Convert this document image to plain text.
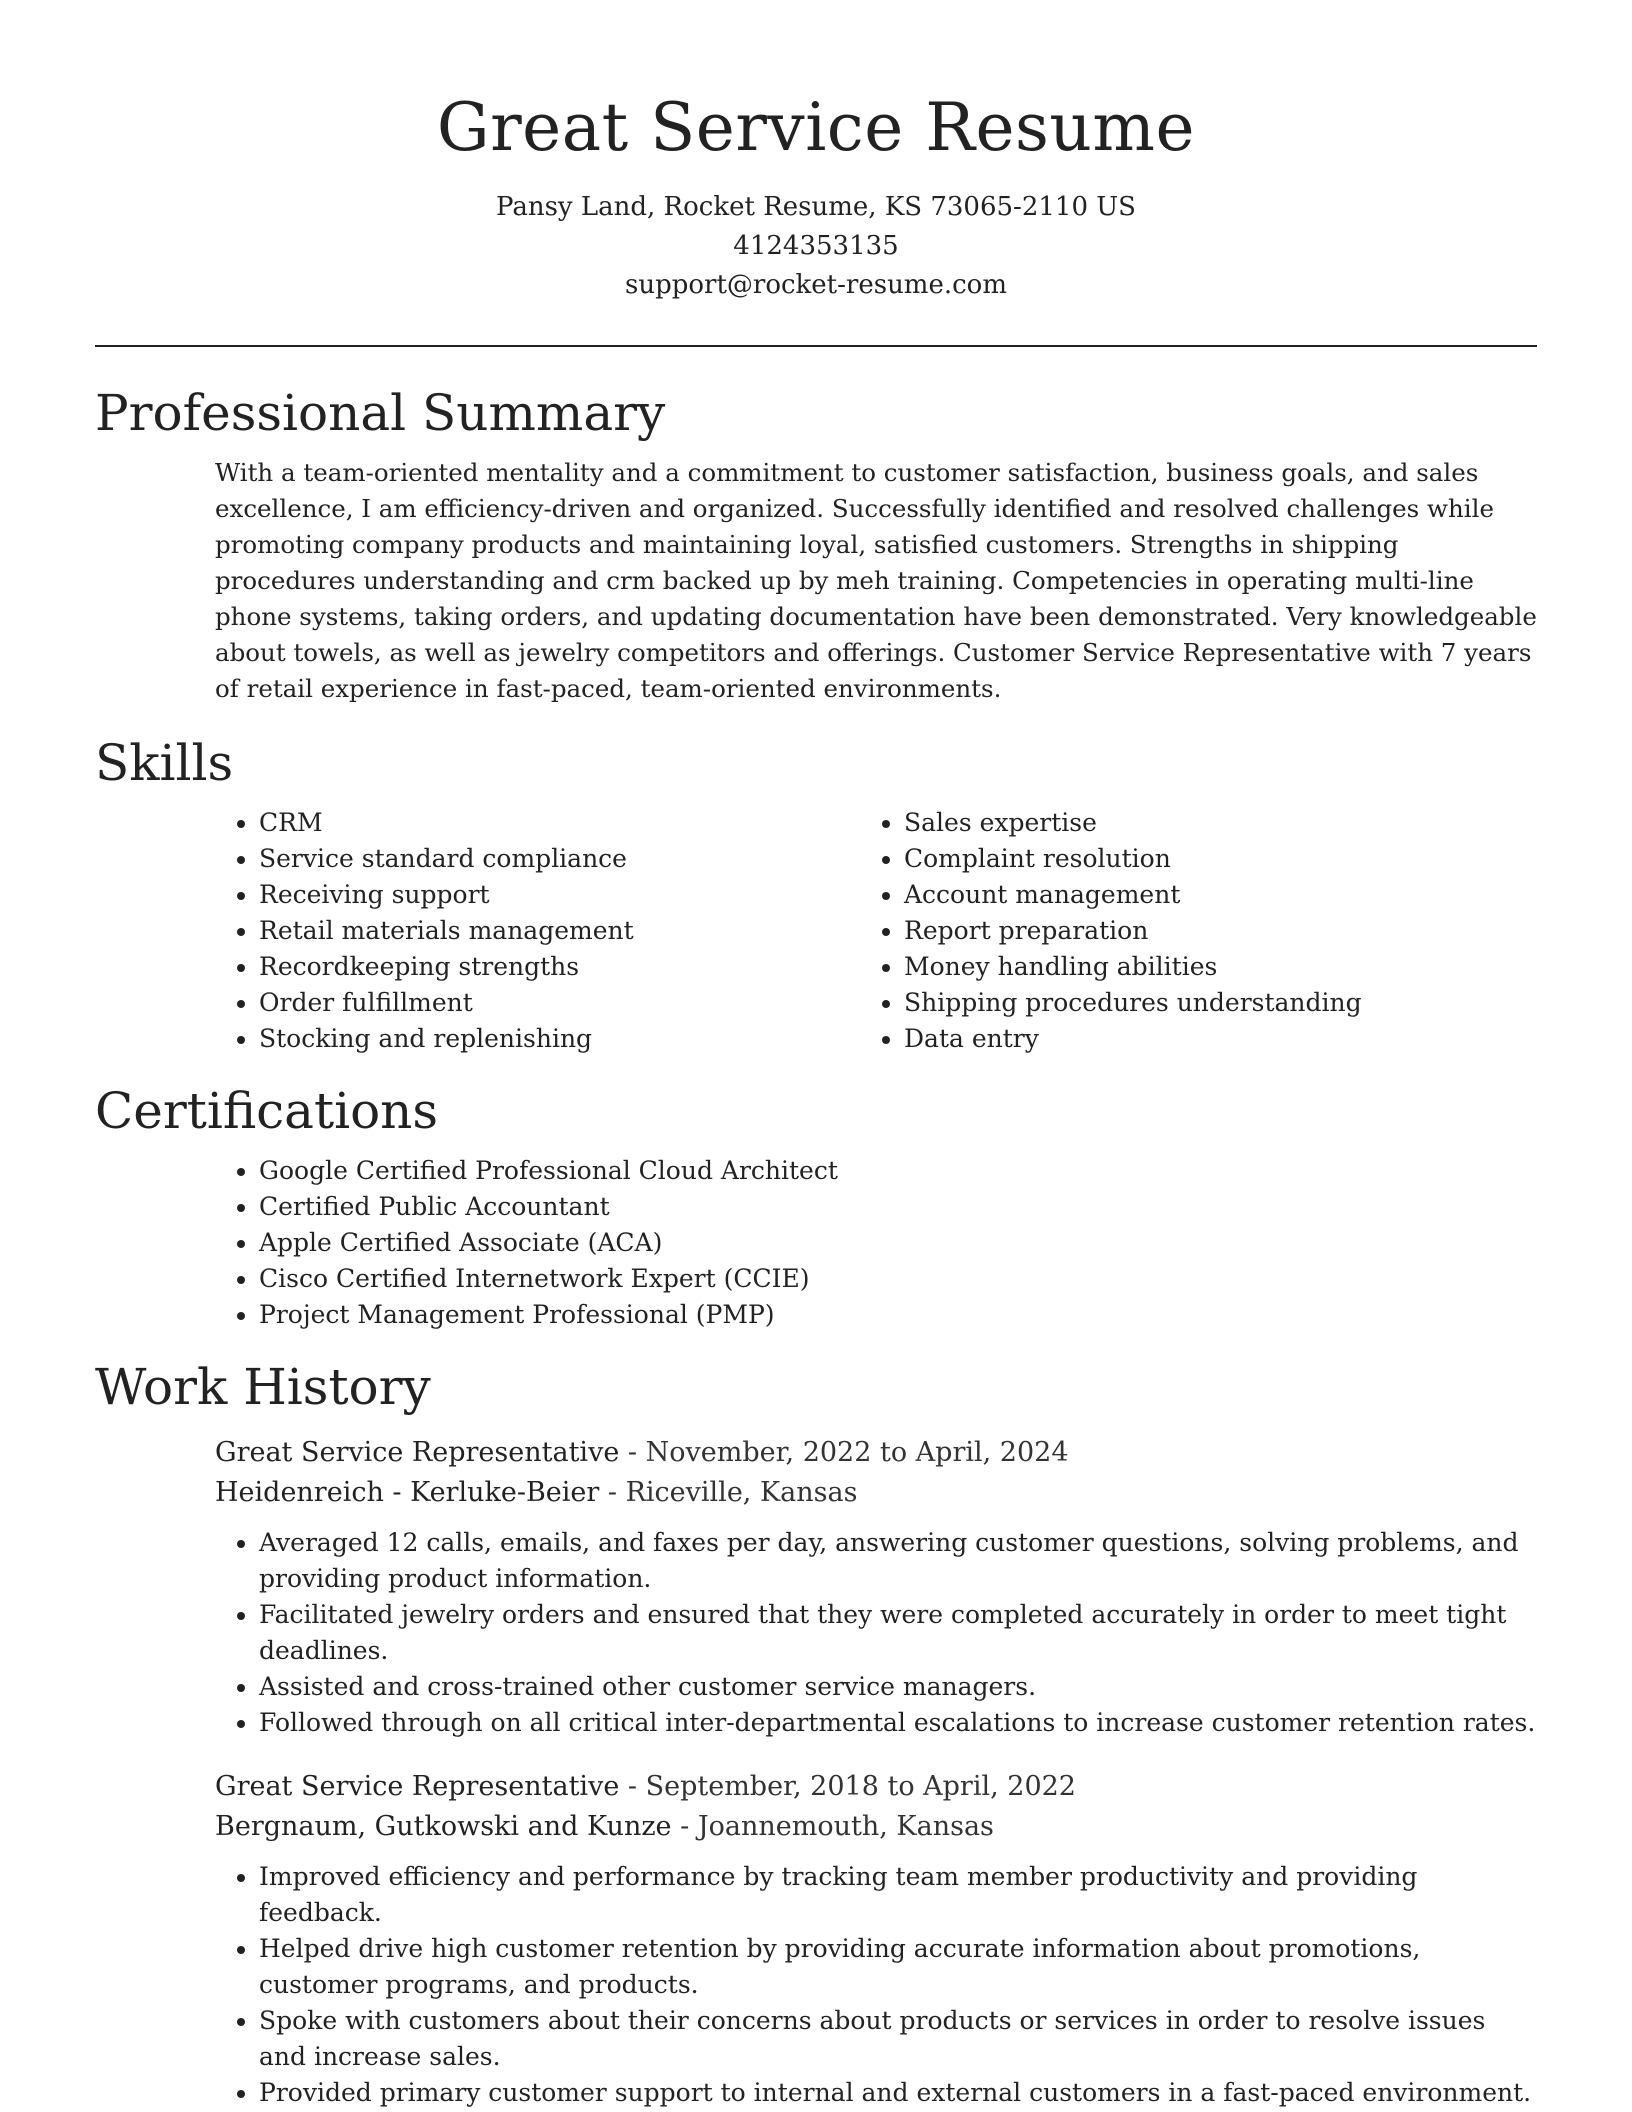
Great Service Resume

Pansy Land, Rocket Resume, KS 73065-2110 US

4124353135

support@rocket-resume.com

Professional Summary

With a team-oriented mentality and a commitment to customer satisfaction, business goals, and sales excellence, I am efficiency-driven and organized. Successfully identified and resolved challenges while promoting company products and maintaining loyal, satisfied customers. Strengths in shipping procedures understanding and crm backed up by meh training. Competencies in operating multi-line phone systems, taking orders, and updating documentation have been demonstrated. Very knowledgeable about towels, as well as jewelry competitors and offerings. Customer Service Representative with 7 years of retail experience in fast-paced, team-oriented environments.

Skills
• CRM
• Service standard compliance
• Receiving support
• Retail materials management
• Recordkeeping strengths
• Order fulfillment
• Stocking and replenishing
• Sales expertise
• Complaint resolution
• Account management
• Report preparation
• Money handling abilities
• Shipping procedures understanding
• Data entry
Certifications
• Google Certified Professional Cloud Architect
• Certified Public Accountant
• Apple Certified Associate (ACA)
• Cisco Certified Internetwork Expert (CCIE)
• Project Management Professional (PMP)
Work History

Great Service Representative - November, 2022 to April, 2024

Heidenreich - Kerluke-Beier - Riceville, Kansas

• Averaged 12 calls, emails, and faxes per day, answering customer questions, solving problems, and providing product information.
• Facilitated jewelry orders and ensured that they were completed accurately in order to meet tight deadlines.
• Assisted and cross-trained other customer service managers.
• Followed through on all critical inter-departmental escalations to increase customer retention rates.

Great Service Representative - September, 2018 to April, 2022

Bergnaum, Gutkowski and Kunze - Joannemouth, Kansas

• Improved efficiency and performance by tracking team member productivity and providing feedback.
• Helped drive high customer retention by providing accurate information about promotions, customer programs, and products.
• Spoke with customers about their concerns about products or services in order to resolve issues and increase sales.
• Provided primary customer support to internal and external customers in a fast-paced environment.
